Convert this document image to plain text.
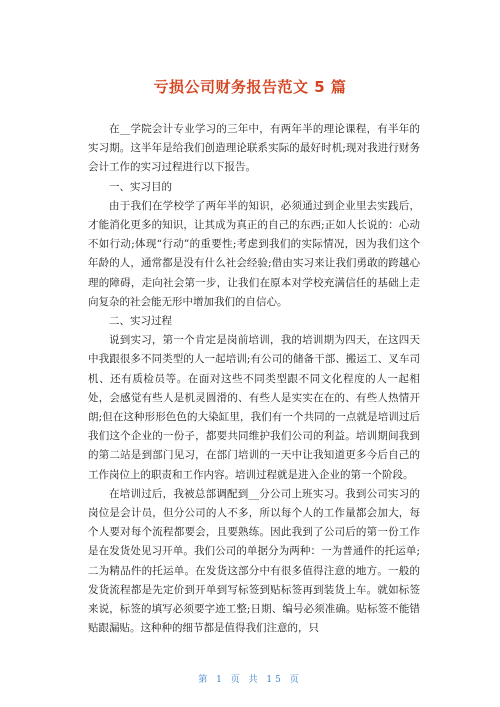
亏损公司财务报告范文 5 篇

在__学院会计专业学习的三年中，有两年半的理论课程，有半年的实习期。这半年是给我们创造理论联系实际的最好时机;现对我进行财务会计工作的实习过程进行以下报告。

一、实习目的

由于我们在学校学了两年半的知识，必须通过到企业里去实践后，才能消化更多的知识，让其成为真正的自己的东西;正如人长说的：心动不如行动;体现“行动”的重要性;考虑到我们的实际情况，因为我们这个年龄的人，通常都是没有什么社会经验;借由实习来让我们勇敢的跨越心理的障碍，走向社会第一步，让我们在原本对学校充满信任的基础上走向复杂的社会能无形中增加我们的自信心。

二、实习过程

说到实习，第一个肯定是岗前培训，我的培训期为四天，在这四天中我跟很多不同类型的人一起培训;有公司的储备干部、搬运工、叉车司机、还有质检员等。在面对这些不同类型跟不同文化程度的人一起相处，会感觉有些人是机灵圆滑的、有些人是实实在在的、有些人热情开朗;但在这种形形色色的大染缸里，我们有一个共同的一点就是培训过后我们这个企业的一份子，都要共同维护我们公司的利益。培训期间我到的第二站是到部门见习，在部门培训的一天中让我知道更多今后自己的工作岗位上的职责和工作内容。培训过程就是进入企业的第一个阶段。

在培训过后，我被总部调配到__分公司上班实习。我到公司实习的岗位是会计员，但分公司的人不多，所以每个人的工作量都会加大，每个人要对每个流程都要会，且要熟练。因此我到了公司后的第一份工作是在发货处见习开单。我们公司的单据分为两种：一为普通件的托运单;二为精品件的托运单。在发货这部分中有很多值得注意的地方。一般的发货流程都是先定价到开单到写标签到贴标签再到装货上车。就如标签来说，标签的填写必须要字迹工整;日期、编号必须准确。贴标签不能错贴跟漏贴。这种种的细节都是值得我们注意的，只

第 1 页 共 15 页
